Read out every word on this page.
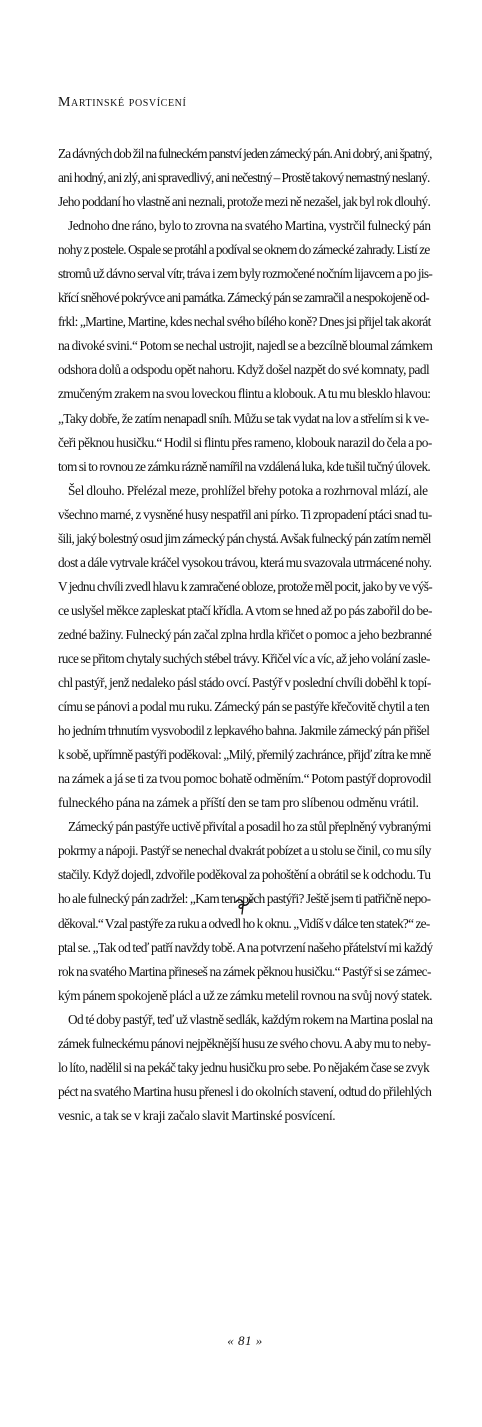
Martinské posvícení
Za dávných dob žil na fulneckém panství jeden zámecký pán. Ani dobrý, ani špatný,
ani hodný, ani zlý, ani spravedlivý, ani nečestný – Prostě takový nemastný neslaný.
Jeho poddaní ho vlastně ani neznali, protože mezi ně nezašel, jak byl rok dlouhý.
Jednoho dne ráno, bylo to zrovna na svatého Martina, vystrčil fulnecký pán
nohy z postele. Ospale se protáhl a podíval se oknem do zámecké zahrady. Listí ze
stromů už dávno serval vítr, tráva i zem byly rozmočené nočním lijavcem a po jis-
křící sněhové pokrývce ani památka. Zámecký pán se zamračil a nespokojeně od-
frkl: „Martine, Martine, kdes nechal svého bílého koně? Dnes jsi přijel tak akorát
na divoké svini.“ Potom se nechal ustrojit, najedl se a bezcílně bloumal zámkem
odshora dolů a odspodu opět nahoru. Když došel nazpět do své komnaty, padl
zmučeným zrakem na svou loveckou flintu a klobouk. A tu mu blesklo hlavou:
„Taky dobře, že zatím nenapadl sníh. Můžu se tak vydat na lov a střelím si k ve-
čeři pěknou husičku.“ Hodil si flintu přes rameno, klobouk narazil do čela a po-
tom si to rovnou ze zámku rázně namířil na vzdálená luka, kde tušil tučný úlovek.
Šel dlouho. Přelézal meze, prohlížel břehy potoka a rozhrnoval mlází, ale
všechno marné, z vysněné husy nespatřil ani pírko. Ti zpropadení ptáci snad tu-
šili, jaký bolestný osud jim zámecký pán chystá. Avšak fulnecký pán zatím neměl
dost a dále vytrvale kráčel vysokou trávou, která mu svazovala utrmácené nohy.
V jednu chvíli zvedl hlavu k zamračené obloze, protože měl pocit, jako by ve výš-
ce uslyšel měkce zapleskat ptačí křídla. A vtom se hned až po pás zabořil do be-
zedné bažiny. Fulnecký pán začal zplna hrdla křičet o pomoc a jeho bezbranné
ruce se přitom chytaly suchých stébel trávy. Křičel víc a víc, až jeho volání zasle-
chl pastýř, jenž nedaleko pásl stádo ovcí. Pastýř v poslední chvíli doběhl k topí-
címu se pánovi a podal mu ruku. Zámecký pán se pastýře křečovitě chytil a ten
ho jedním trhnutím vysvobodil z lepkavého bahna. Jakmile zámecký pán přišel
k sobě, upřímně pastýři poděkoval: „Milý, přemilý zachránce, přijď zítra ke mně
na zámek a já se ti za tvou pomoc bohatě odměním.“ Potom pastýř doprovodil
fulneckého pána na zámek a příští den se tam pro slíbenou odměnu vrátil.
Zámecký pán pastýře uctivě přivítal a posadil ho za stůl přeplněný vybranými
pokrmy a nápoji. Pastýř se nenechal dvakrát pobízet a u stolu se činil, co mu síly
stačily. Když dojedl, zdvořile poděkoval za pohoštění a obrátil se k odchodu. Tu
ho ale fulnecký pán zadržel: „Kam ten spěch pastýři? Ještě jsem ti patřičně nepo-
děkoval.“ Vzal pastýře za ruku a odvedl ho k oknu. „Vidíš v dálce ten statek?“ ze-
ptal se. „Tak od teď patří navždy tobě. A na potvrzení našeho přátelství mi každý
rok na svatého Martina přineseš na zámek pěknou husičku.“ Pastýř si se zámec-
kým pánem spokojeně plácl a už ze zámku metelil rovnou na svůj nový statek.
Od té doby pastýř, teď už vlastně sedlák, každým rokem na Martina poslal na
zámek fulneckému pánovi nejpěknější husu ze svého chovu. A aby mu to neby-
lo líto, nadělil si na pekáč taky jednu husičku pro sebe. Po nějakém čase se zvyk
péct na svatého Martina husu přenesl i do okolních stavení, odtud do přilehlých
vesnic, a tak se v kraji začalo slavit Martinské posvícení.
« 81 »
